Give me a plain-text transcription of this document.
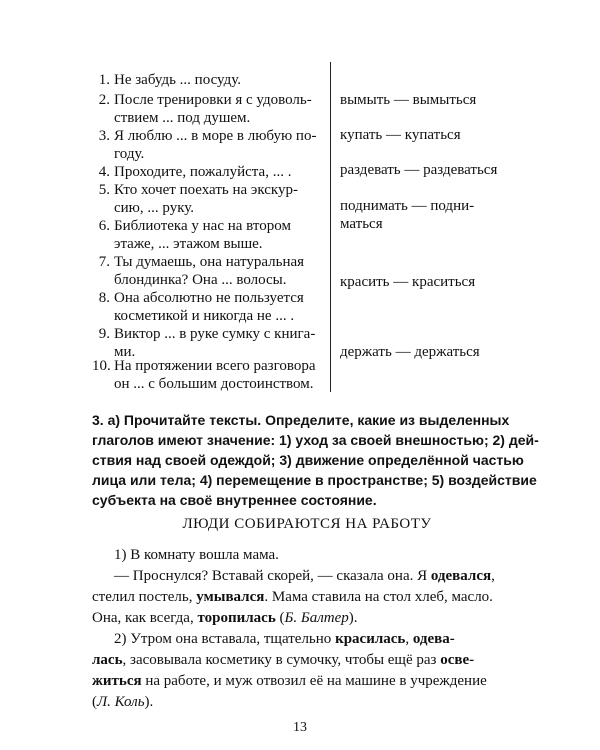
1. Не забудь ... посуду.
2. После тренировки я с удоволь-
ствием ... под душем.
3. Я люблю ... в море в любую по-
году.
4. Проходите, пожалуйста, ... .
5. Кто хочет поехать на экскур-
сию, ... руку.
6. Библиотека у нас на втором
этаже, ... этажом выше.
7. Ты думаешь, она натуральная
блондинка? Она ... волосы.
8. Она абсолютно не пользуется
косметикой и никогда не ... .
9. Виктор ... в руке сумку с книга-
ми.
10. На протяжении всего разговора
он ... с большим достоинством.
вымыть — вымыться
купать — купаться
раздевать — раздеваться
поднимать — подни-
маться
красить — краситься
держать — держаться
3. а) Прочитайте тексты. Определите, какие из выделенных
глаголов имеют значение: 1) уход за своей внешностью; 2) дей-
ствия над своей одеждой; 3) движение определённой частью
лица или тела; 4) перемещение в пространстве; 5) воздействие
субъекта на своё внутреннее состояние.
ЛЮДИ СОБИРАЮТСЯ НА РАБОТУ
1) В комнату вошла мама.
— Проснулся? Вставай скорей, — сказала она. Я одевался,
стелил постель, умывался. Мама ставила на стол хлеб, масло.
Она, как всегда, торопилась (Б. Балтер).
2) Утром она вставала, тщательно красилась, одева-
лась, засовывала косметику в сумочку, чтобы ещё раз осве-
житься на работе, и муж отвозил её на машине в учреждение
(Л. Коль).
13
